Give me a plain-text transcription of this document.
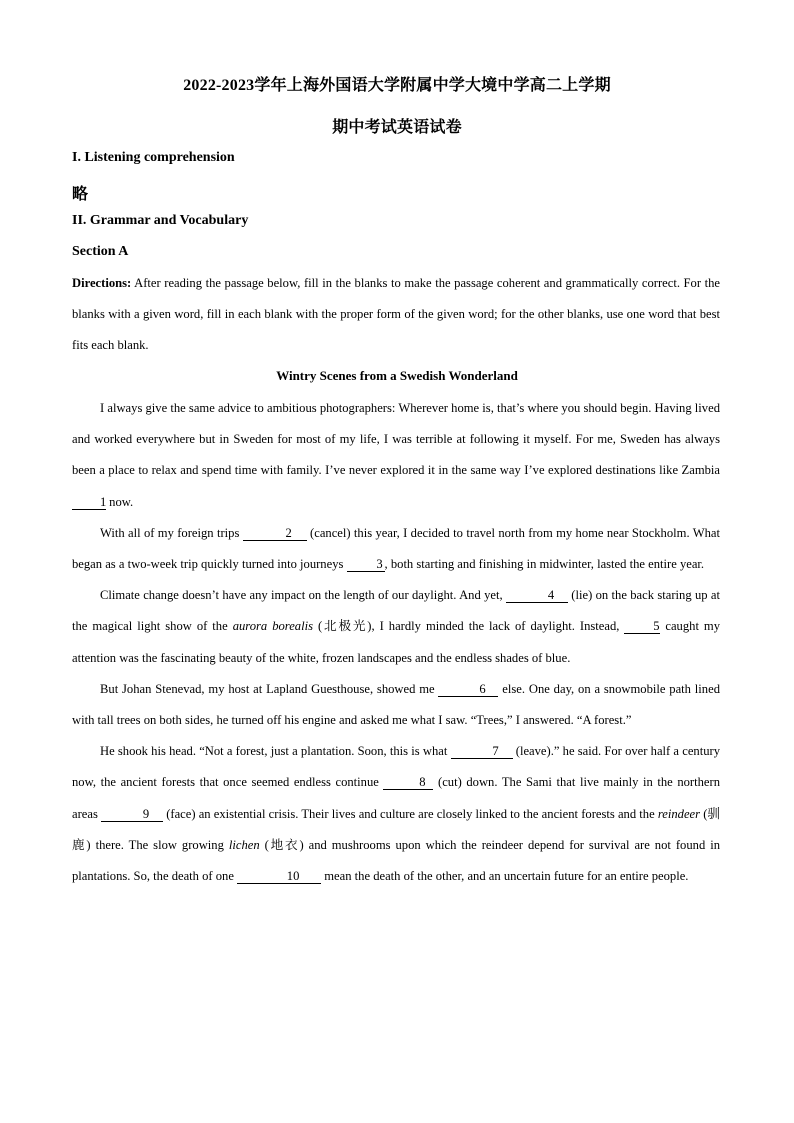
2022-2023学年上海外国语大学附属中学大境中学高二上学期
期中考试英语试卷
I. Listening comprehension
略
II. Grammar and Vocabulary
Section A
Directions: After reading the passage below, fill in the blanks to make the passage coherent and grammatically correct. For the blanks with a given word, fill in each blank with the proper form of the given word; for the other blanks, use one word that best fits each blank.
Wintry Scenes from a Swedish Wonderland

I always give the same advice to ambitious photographers: Wherever home is, that’s where you should begin. Having lived and worked everywhere but in Sweden for most of my life, I was terrible at following it myself. For me, Sweden has always been a place to relax and spend time with family. I’ve never explored it in the same way I’ve explored destinations like Zambia 1 now.

With all of my foreign trips	2 (cancel) this year, I decided to travel north from my home near Stockholm. What began as a two-week trip quickly turned into journeys 3 , both starting and finishing in midwinter, lasted the entire year.

Climate change doesn’t have any impact on the length of our daylight. And yet,	4 (lie) on the back staring up at the magical light show of the aurora borealis (北极光), I hardly minded the lack of daylight. Instead, 5 caught my attention was the fascinating beauty of the white, frozen landscapes and the endless shades of blue.

But Johan Stenevad, my host at Lapland Guesthouse, showed me	6 else. One day, on a snowmobile path lined with tall trees on both sides, he turned off his engine and asked me what I saw. “Trees,” I answered. “A forest.”

He shook his head. “Not a forest, just a plantation. Soon, this is what	7 (leave).” he said. For over half a century now, the ancient forests that once seemed endless continue	8 (cut) down. The Sami that live mainly in the northern areas	9 (face) an existential crisis. Their lives and culture are closely linked to the ancient forests and the reindeer (驯鹿) there. The slow growing lichen (地衣) and mushrooms upon which the reindeer depend for survival are not found in plantations. So, the death of one	10 mean the death of the other, and an uncertain future for an entire people.
